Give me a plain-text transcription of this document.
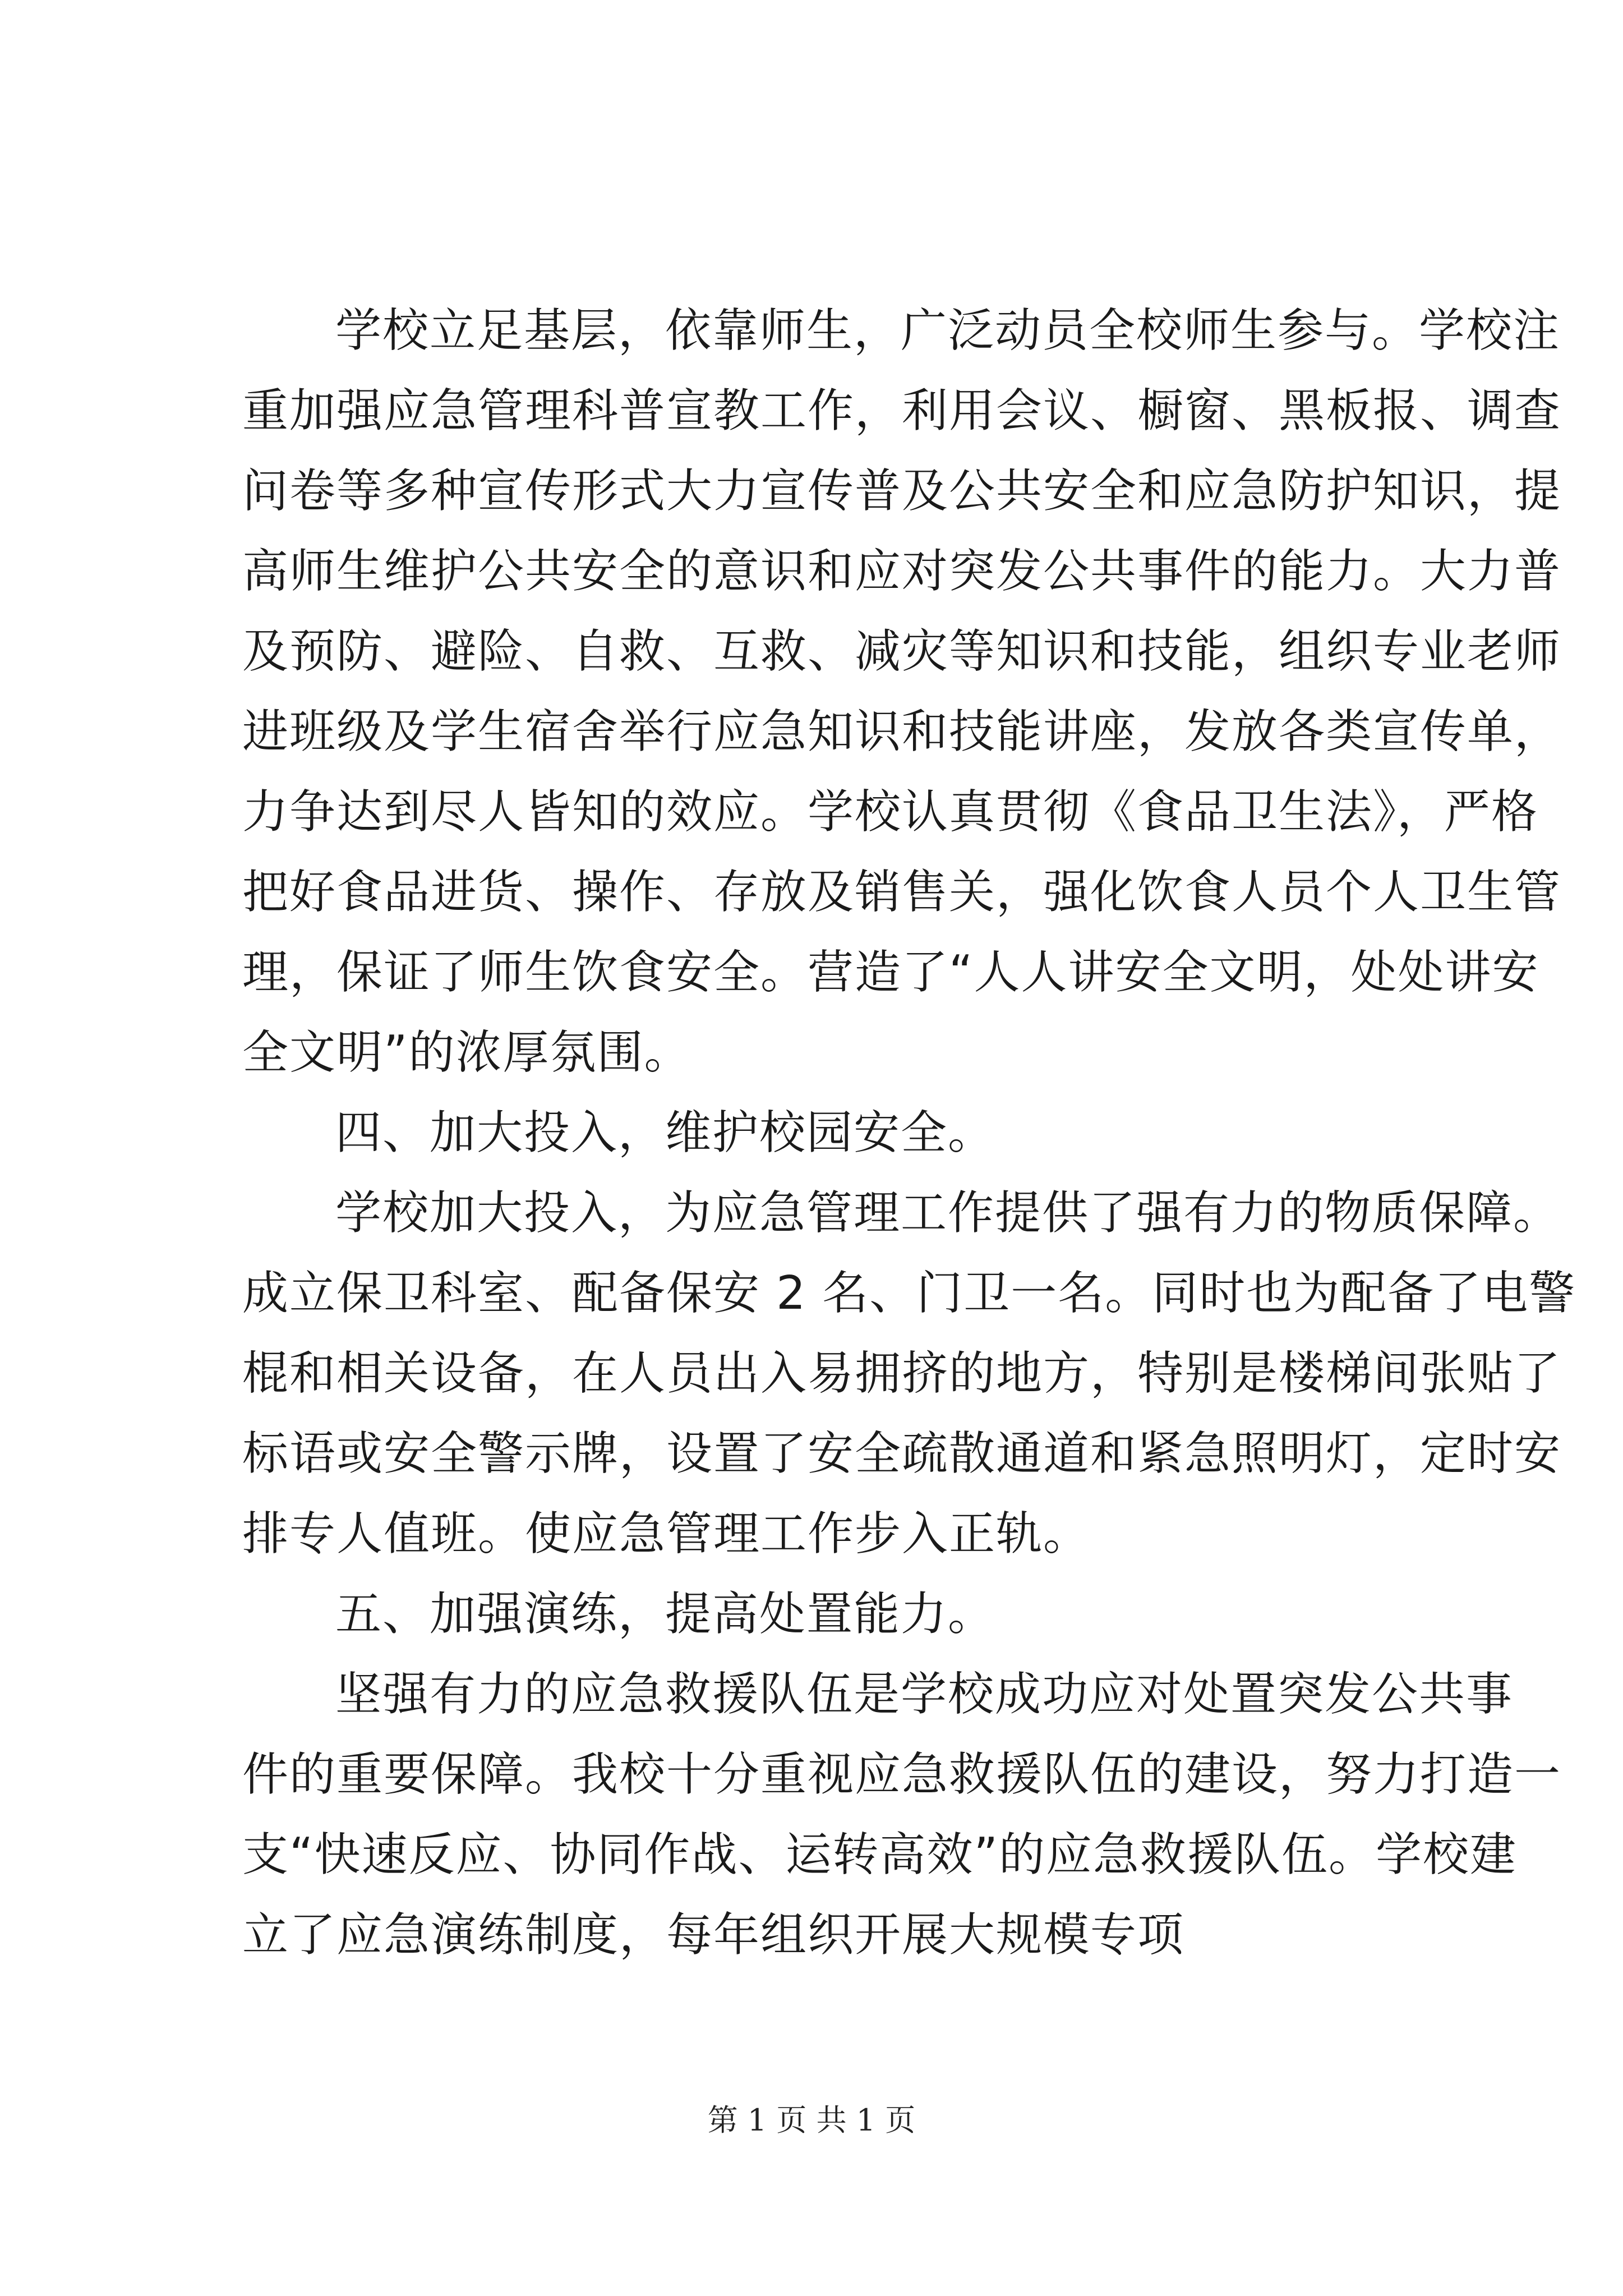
学校立足基层，依靠师生，广泛动员全校师生参与。学校注
重加强应急管理科普宣教工作，利用会议、橱窗、黑板报、调查
问卷等多种宣传形式大力宣传普及公共安全和应急防护知识，提
高师生维护公共安全的意识和应对突发公共事件的能力。大力普
及预防、避险、自救、互救、减灾等知识和技能，组织专业老师
进班级及学生宿舍举行应急知识和技能讲座，发放各类宣传单，
力争达到尽人皆知的效应。学校认真贯彻《食品卫生法》，严格
把好食品进货、操作、存放及销售关，强化饮食人员个人卫生管
理，保证了师生饮食安全。营造了“人人讲安全文明，处处讲安
全文明”的浓厚氛围。
四、加大投入，维护校园安全。
学校加大投入，为应急管理工作提供了强有力的物质保障。
成立保卫科室、配备保安 2 名、门卫一名。同时也为配备了电警
棍和相关设备，在人员出入易拥挤的地方，特别是楼梯间张贴了
标语或安全警示牌，设置了安全疏散通道和紧急照明灯，定时安
排专人值班。使应急管理工作步入正轨。
五、加强演练，提高处置能力。
坚强有力的应急救援队伍是学校成功应对处置突发公共事
件的重要保障。我校十分重视应急救援队伍的建设，努力打造一
支“快速反应、协同作战、运转高效”的应急救援队伍。学校建
立了应急演练制度，每年组织开展大规模专项
第 1 页 共 1 页
